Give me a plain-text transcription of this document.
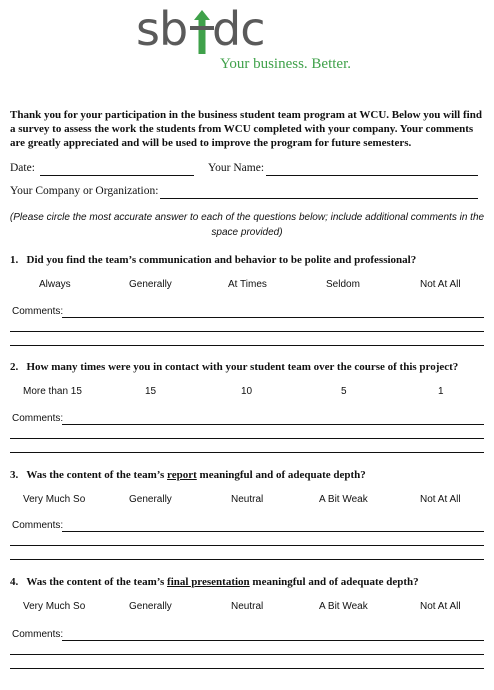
sb dc
Your business. Better.
Thank you for your participation in the business student team program at WCU. Below you will find a survey to assess the work the students from WCU completed with your company. Your comments are greatly appreciated and will be used to improve the program for future semesters.
Date:	Your Name:
Your Company or Organization:
(Please circle the most accurate answer to each of the questions below; include additional comments in the space provided)
1. Did you find the team’s communication and behavior to be polite and professional?
Always	Generally	At Times	Seldom	Not At All
Comments:
2. How many times were you in contact with your student team over the course of this project?
More than 15	15	10	5	1
Comments:
3. Was the content of the team’s report meaningful and of adequate depth?
Very Much So	Generally	Neutral	A Bit Weak	Not At All
Comments:
4. Was the content of the team’s final presentation meaningful and of adequate depth?
Very Much So	Generally	Neutral	A Bit Weak	Not At All
Comments:
